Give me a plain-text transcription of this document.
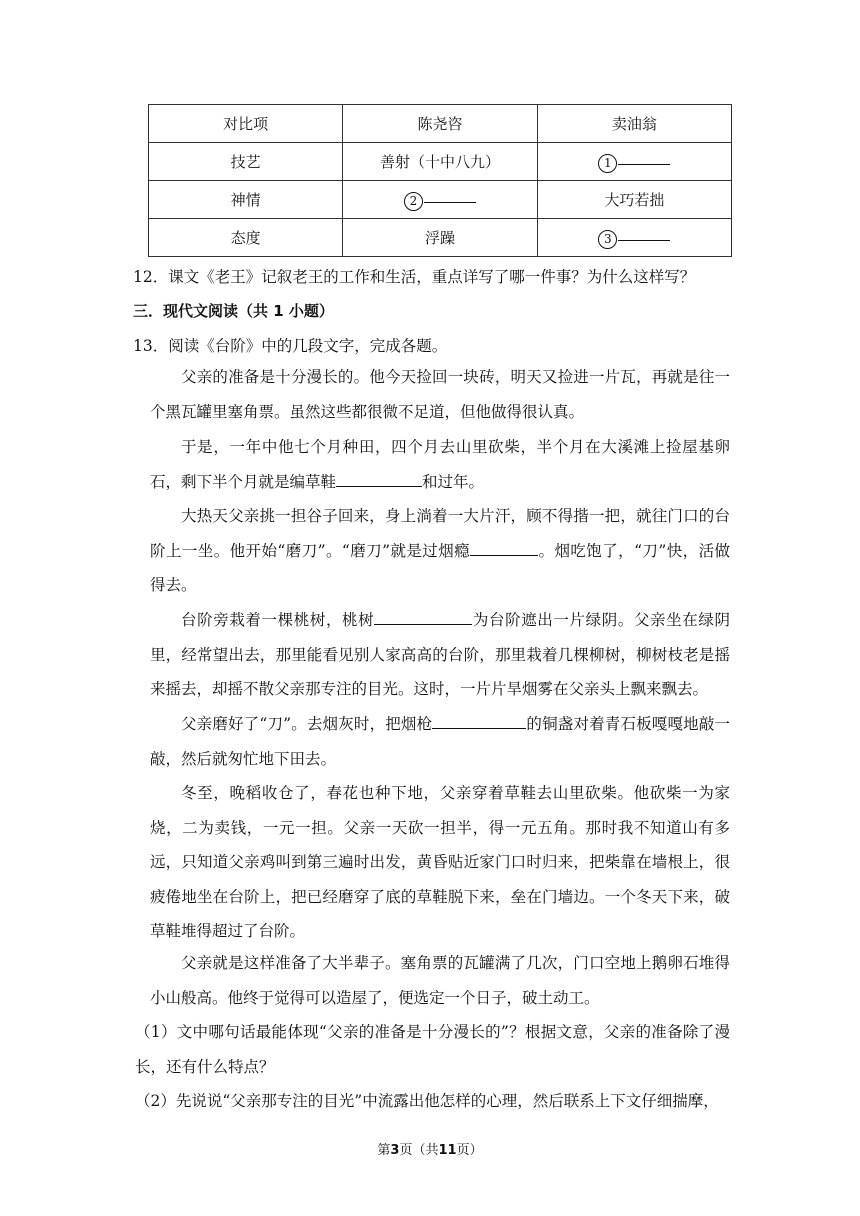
对比项	陈尧咨	卖油翁
技艺	善射（十中八九）	1
神情	2	大巧若拙
态度	浮躁	3
12．课文《老王》记叙老王的工作和生活，重点详写了哪一件事？为什么这样写？
三．现代文阅读（共 1 小题）
13．阅读《台阶》中的几段文字，完成各题。
父亲的准备是十分漫长的。他今天捡回一块砖，明天又捡进一片瓦，再就是往一个黑瓦罐里塞角票。虽然这些都很微不足道，但他做得很认真。
于是，一年中他七个月种田，四个月去山里砍柴，半个月在大溪滩上捡屋基卵石，剩下半个月就是编草鞋	和过年。
大热天父亲挑一担谷子回来，身上淌着一大片汗，顾不得揩一把，就往门口的台阶上一坐。他开始“磨刀”。“磨刀”就是过烟瘾	。烟吃饱了，“刀”快，活做得去。
台阶旁栽着一棵桃树，桃树	为台阶遮出一片绿阴。父亲坐在绿阴里，经常望出去，那里能看见别人家高高的台阶，那里栽着几棵柳树，柳树枝老是摇来摇去，却摇不散父亲那专注的目光。这时，一片片旱烟雾在父亲头上飘来飘去。
父亲磨好了“刀”。去烟灰时，把烟枪	的铜盏对着青石板嘎嘎地敲一敲，然后就匆忙地下田去。
冬至，晚稻收仓了，春花也种下地，父亲穿着草鞋去山里砍柴。他砍柴一为家烧，二为卖钱，一元一担。父亲一天砍一担半，得一元五角。那时我不知道山有多远，只知道父亲鸡叫到第三遍时出发，黄昏贴近家门口时归来，把柴靠在墙根上，很疲倦地坐在台阶上，把已经磨穿了底的草鞋脱下来，垒在门墙边。一个冬天下来，破草鞋堆得超过了台阶。
父亲就是这样准备了大半辈子。塞角票的瓦罐满了几次，门口空地上鹅卵石堆得小山般高。他终于觉得可以造屋了，便选定一个日子，破土动工。
（1）文中哪句话最能体现“父亲的准备是十分漫长的”？根据文意，父亲的准备除了漫长，还有什么特点？
（2）先说说“父亲那专注的目光”中流露出他怎样的心理，然后联系上下文仔细揣摩，
第3页（共11页）
